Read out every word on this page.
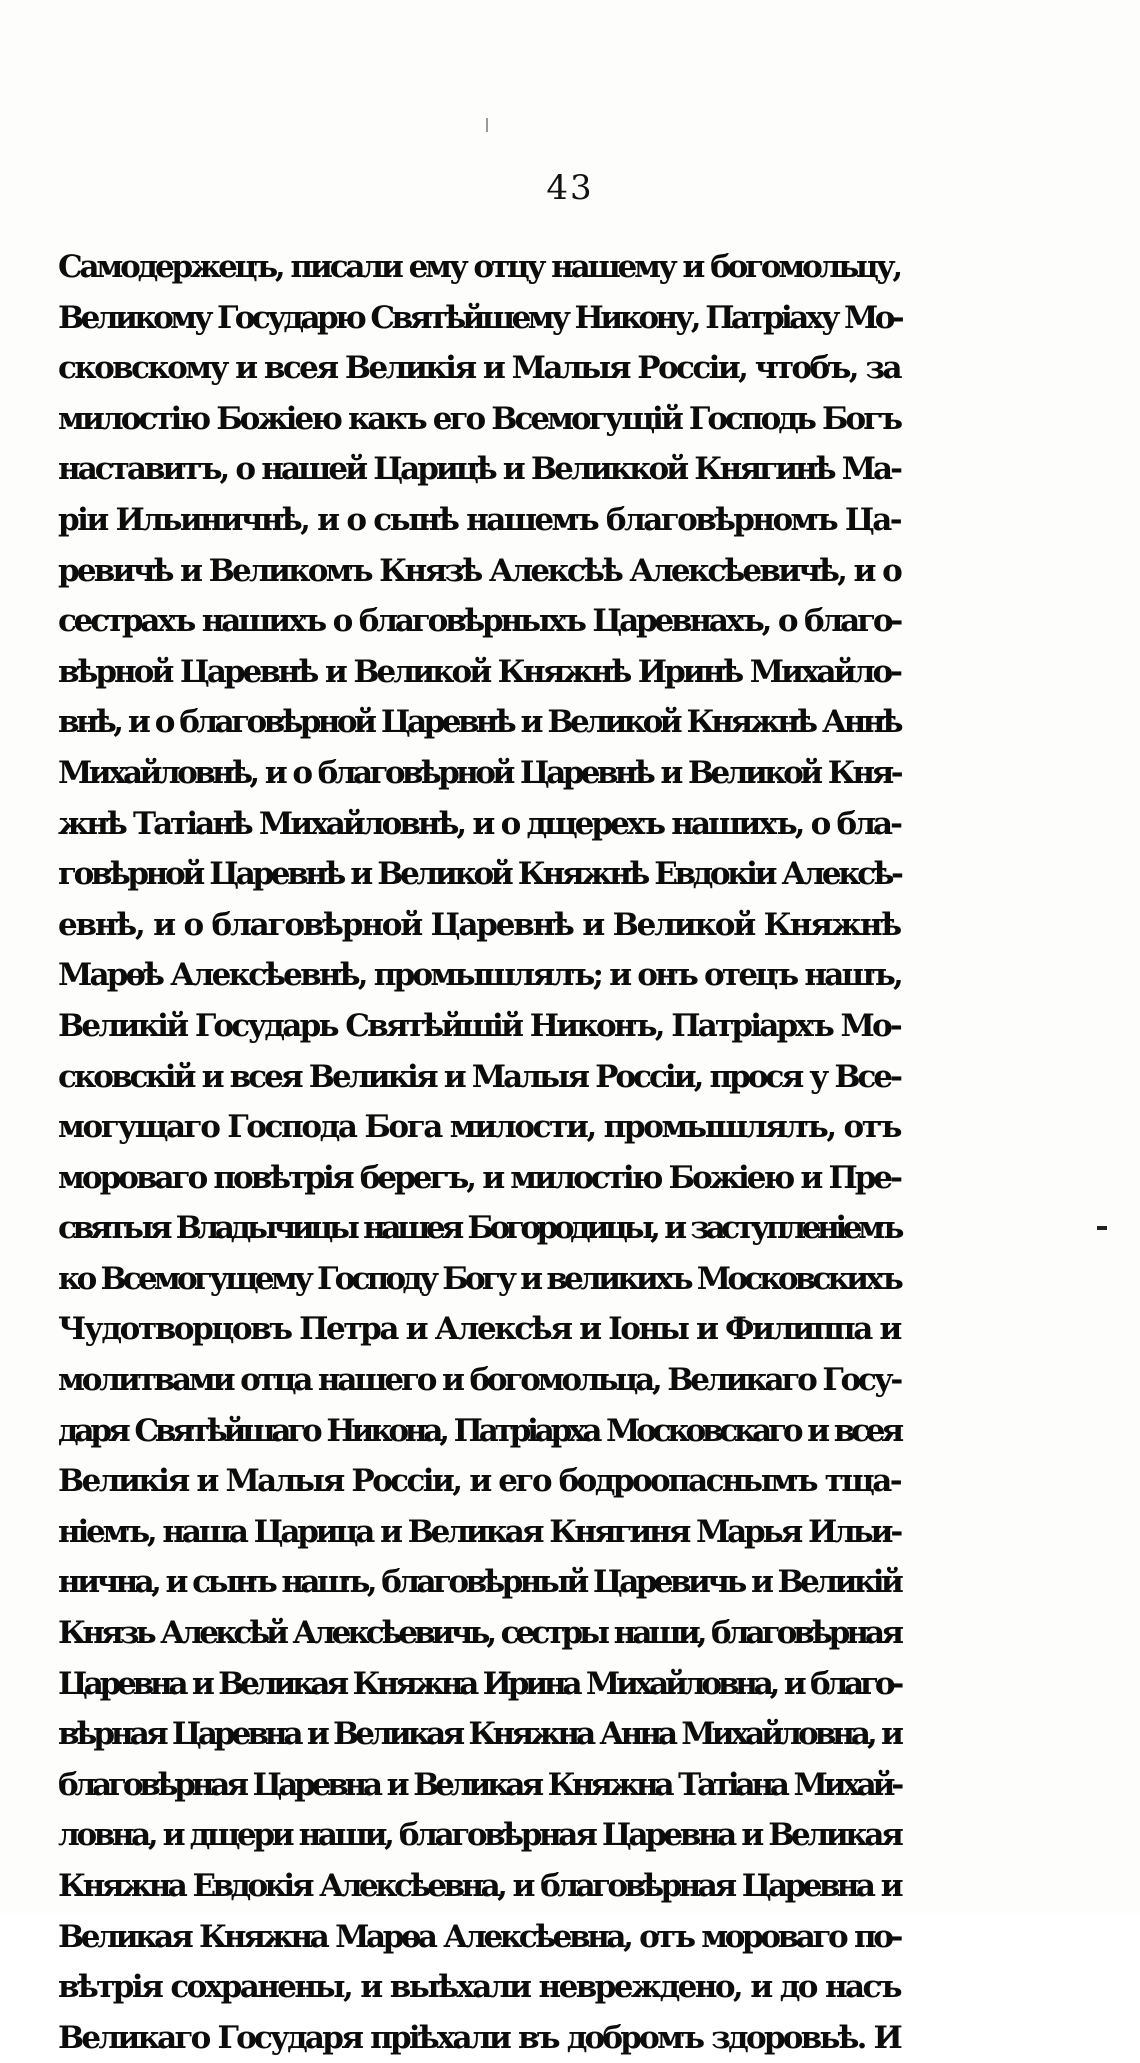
43
Самодержецъ, писали ему отцу нашему и богомольцу,
Великому Государю Святѣйшему Никону, Патріаху Мо-
сковскому и всея Великія и Малыя Россіи, чтобъ, за
милостію Божіею какъ его Всемогущій Господь Богъ
наставитъ, о нашей Царицѣ и Великкой Княгинѣ Ма-
ріи Ильиничнѣ, и о сынѣ нашемъ благовѣрномъ Ца-
ревичѣ и Великомъ Князѣ Алексѣѣ Алексѣевичѣ, и о
сестрахъ нашихъ о благовѣрныхъ Царевнахъ, о благо-
вѣрной Царевнѣ и Великой Княжнѣ Иринѣ Михайло-
внѣ, и о благовѣрной Царевнѣ и Великой Княжнѣ Аннѣ
Михайловнѣ, и о благовѣрной Царевнѣ и Великой Кня-
жнѣ Татіанѣ Михайловнѣ, и о дщерехъ нашихъ, о бла-
говѣрной Царевнѣ и Великой Княжнѣ Евдокіи Алексѣ-
евнѣ, и о благовѣрной Царевнѣ и Великой Княжнѣ
Марѳѣ Алексѣевнѣ, промышлялъ; и онъ отецъ нашъ,
Великій Государь Святѣйшій Никонъ, Патріархъ Мо-
сковскій и всея Великія и Малыя Россіи, прося у Все-
могущаго Господа Бога милости, промышлялъ, отъ
мороваго повѣтрія берегъ, и милостію Божіею и Пре-
святыя Владычицы нашея Богородицы, и заступленіемъ
ко Всемогущему Господу Богу и великихъ Московскихъ
Чудотворцовъ Петра и Алексѣя и Іоны и Филиппа и
молитвами отца нашего и богомольца, Великаго Госу-
даря Святѣйшаго Никона, Патріарха Московскаго и всея
Великія и Малыя Россіи, и его бодроопаснымъ тща-
ніемъ, наша Царица и Великая Княгиня Марья Ильи-
нична, и сынъ нашъ, благовѣрный Царевичь и Великій
Князь Алексѣй Алексѣевичь, сестры наши, благовѣрная
Царевна и Великая Княжна Ирина Михайловна, и благо-
вѣрная Царевна и Великая Княжна Анна Михайловна, и
благовѣрная Царевна и Великая Княжна Татіана Михай-
ловна, и дщери наши, благовѣрная Царевна и Великая
Княжна Евдокія Алексѣевна, и благовѣрная Царевна и
Великая Княжна Марѳа Алексѣевна, отъ мороваго по-
вѣтрія сохранены, и выѣхали невреждено, и до насъ
Великаго Государя пріѣхали въ добромъ здоровьѣ. И
